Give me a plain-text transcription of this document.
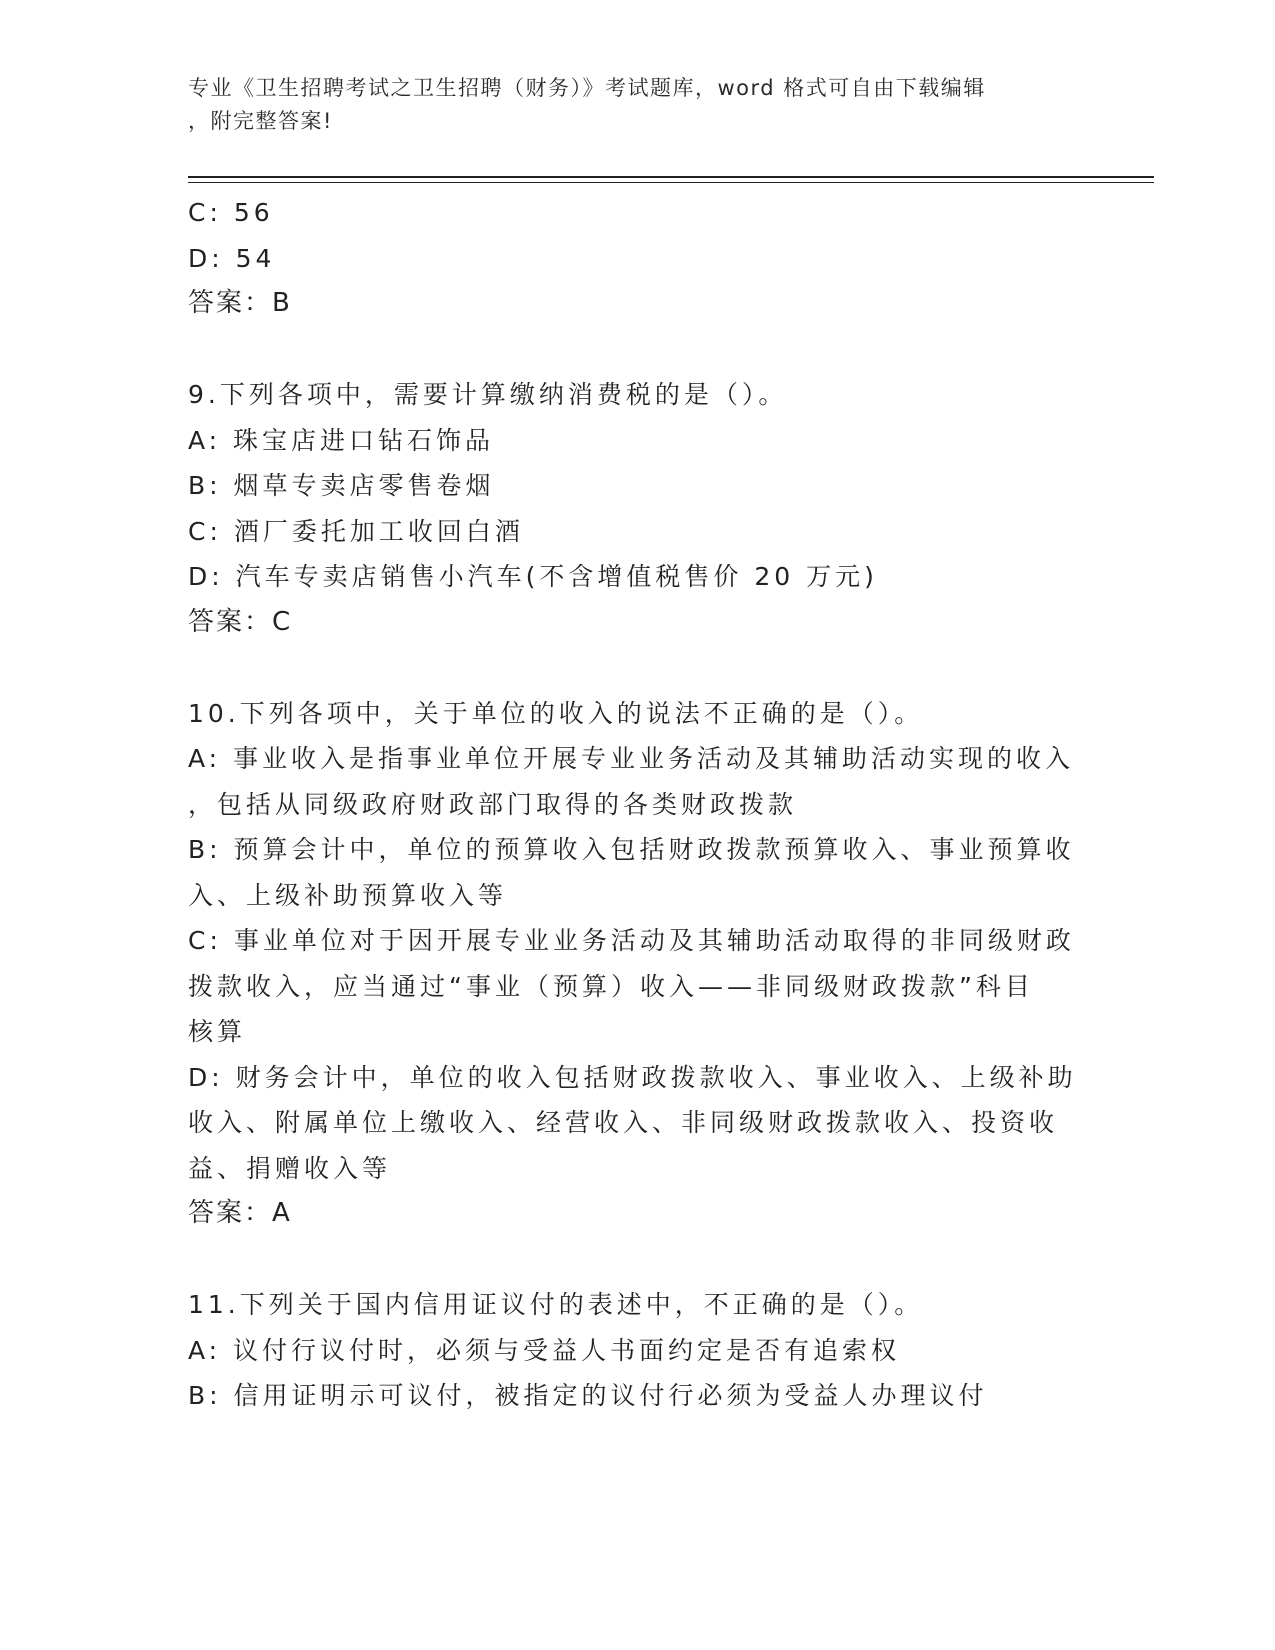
专业《卫生招聘考试之卫生招聘（财务）》考试题库，word 格式可自由下载编辑
，附完整答案!
C: 56
D: 54
答案：B
9.下列各项中，需要计算缴纳消费税的是（）。
A: 珠宝店进口钻石饰品
B: 烟草专卖店零售卷烟
C: 酒厂委托加工收回白酒
D: 汽车专卖店销售小汽车(不含增值税售价 20 万元)
答案：C
10.下列各项中，关于单位的收入的说法不正确的是（）。
A: 事业收入是指事业单位开展专业业务活动及其辅助活动实现的收入
，包括从同级政府财政部门取得的各类财政拨款
B: 预算会计中，单位的预算收入包括财政拨款预算收入、事业预算收
入、上级补助预算收入等
C: 事业单位对于因开展专业业务活动及其辅助活动取得的非同级财政
拨款收入，应当通过“事业（预算）收入——非同级财政拨款”科目
核算
D: 财务会计中，单位的收入包括财政拨款收入、事业收入、上级补助
收入、附属单位上缴收入、经营收入、非同级财政拨款收入、投资收
益、捐赠收入等
答案：A
11.下列关于国内信用证议付的表述中，不正确的是（）。
A: 议付行议付时，必须与受益人书面约定是否有追索权
B: 信用证明示可议付，被指定的议付行必须为受益人办理议付
